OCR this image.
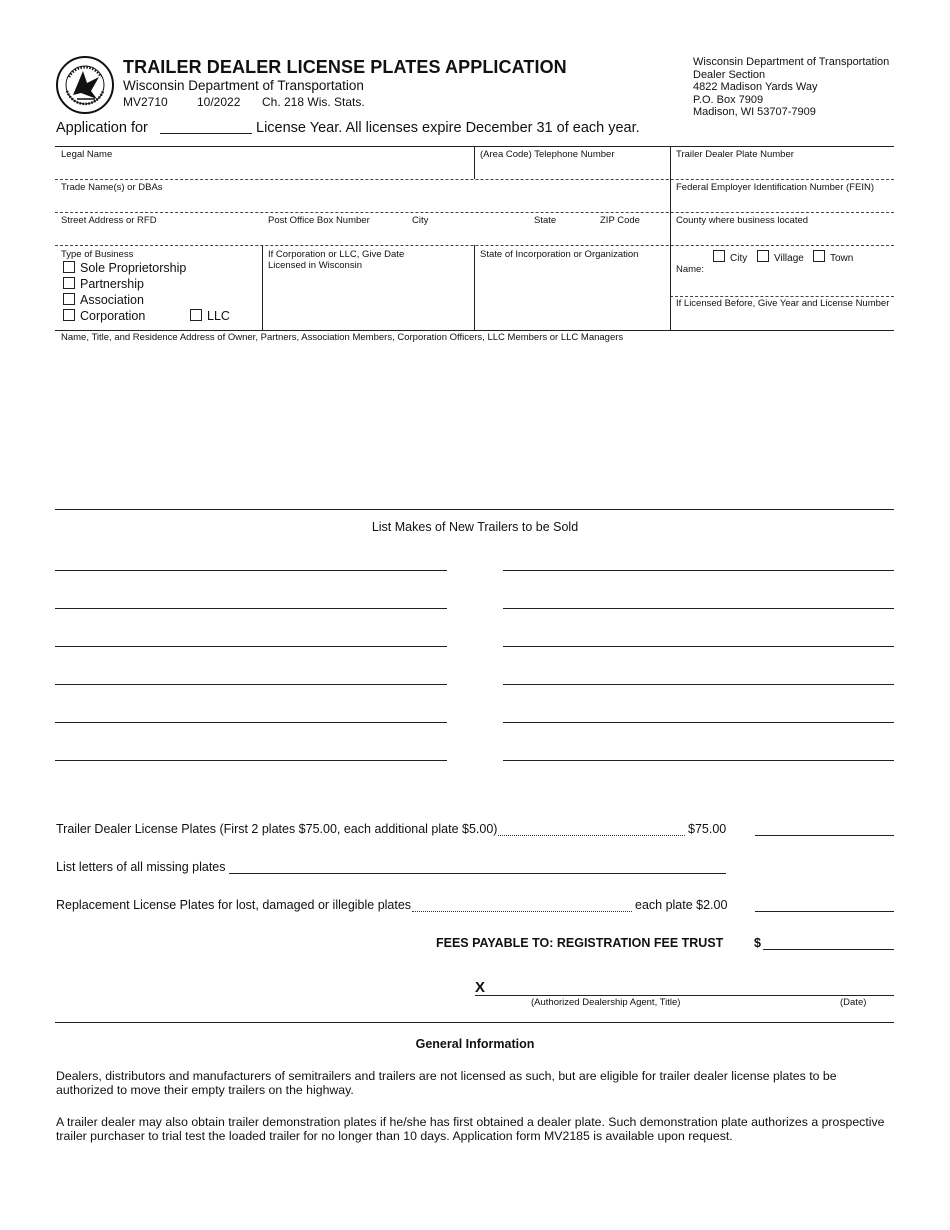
TRAILER DEALER LICENSE PLATES APPLICATION
Wisconsin Department of Transportation
MV2710 10/2022 Ch. 218 Wis. Stats.
Wisconsin Department of Transportation
Dealer Section
4822 Madison Yards Way
P.O. Box 7909
Madison, WI 53707-7909
Application for	License Year. All licenses expire December 31 of each year.
Legal Name	(Area Code) Telephone Number	Trailer Dealer Plate Number
Trade Name(s) or DBAs	Federal Employer Identification Number (FEIN)
Street Address or RFD	Post Office Box Number	City	State	ZIP Code	County where business located
Type of Business
Sole Proprietorship
Partnership
Association
Corporation	LLC
If Corporation or LLC, Give Date Licensed in Wisconsin
State of Incorporation or Organization	City	Village	Town
Name:
If Licensed Before, Give Year and License Number
Name, Title, and Residence Address of Owner, Partners, Association Members, Corporation Officers, LLC Members or LLC Managers
List Makes of New Trailers to be Sold
Trailer Dealer License Plates (First 2 plates $75.00, each additional plate $5.00)	$75.00
List letters of all missing plates
Replacement License Plates for lost, damaged or illegible plates	each plate $2.00
FEES PAYABLE TO: REGISTRATION FEE TRUST $
X
(Authorized Dealership Agent, Title)	(Date)
General Information
Dealers, distributors and manufacturers of semitrailers and trailers are not licensed as such, but are eligible for trailer dealer license plates to be authorized to move their empty trailers on the highway.
A trailer dealer may also obtain trailer demonstration plates if he/she has first obtained a dealer plate. Such demonstration plate authorizes a prospective trailer purchaser to trial test the loaded trailer for no longer than 10 days. Application form MV2185 is available upon request.
